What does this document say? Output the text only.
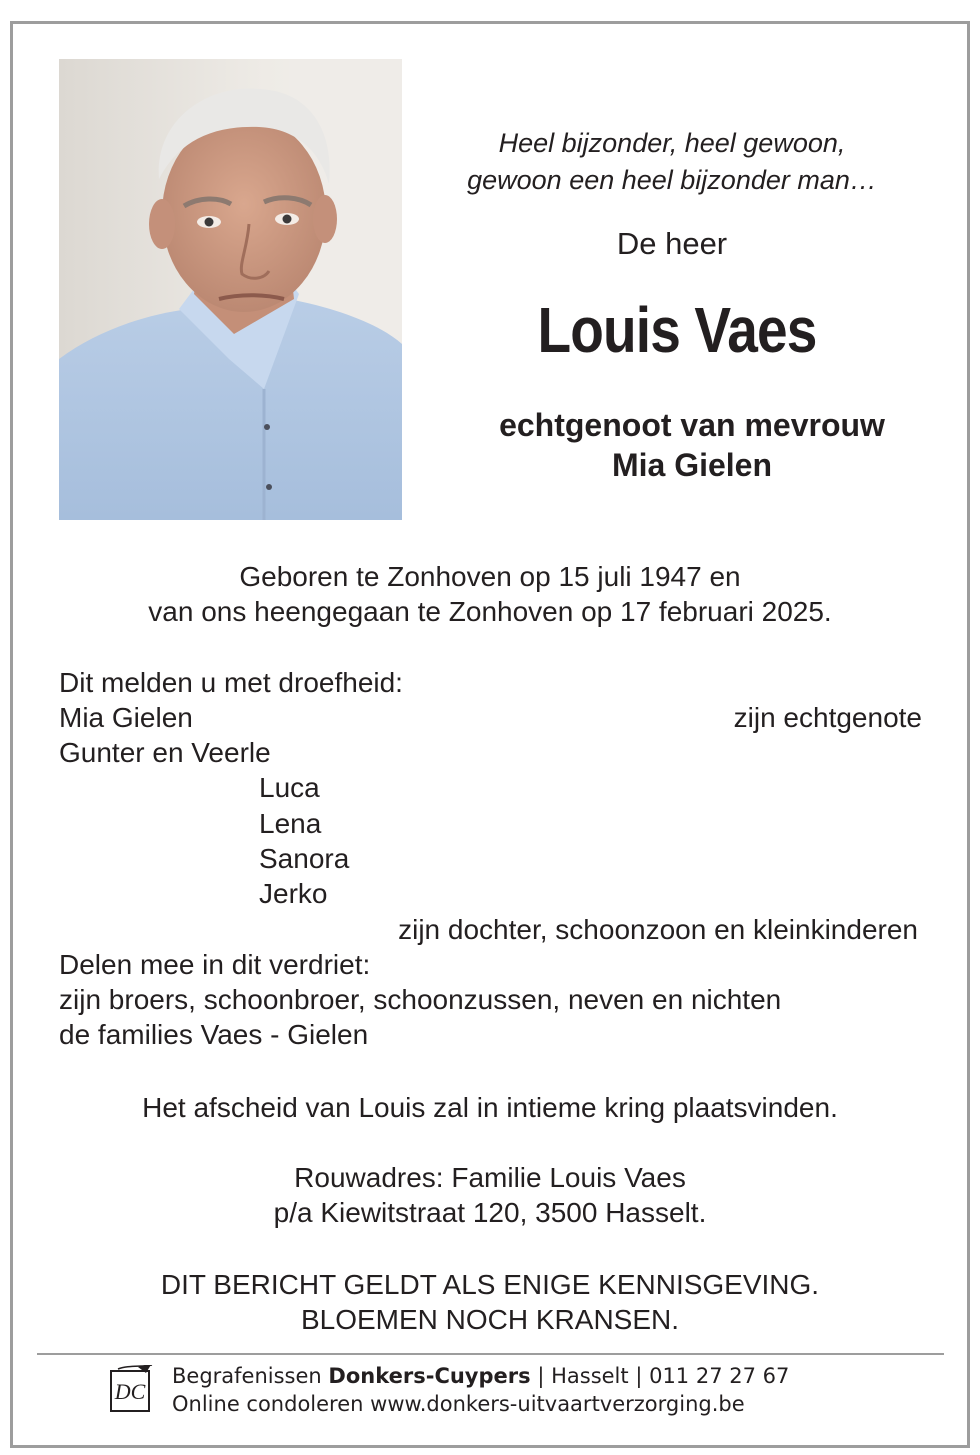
Heel bijzonder, heel gewoon,
gewoon een heel bijzonder man…
De heer
Louis Vaes
echtgenoot van mevrouw
Mia Gielen
Geboren te Zonhoven op 15 juli 1947 en
van ons heengegaan te Zonhoven op 17 februari 2025.
Dit melden u met droefheid:
Mia Gielen	zijn echtgenote
Gunter en Veerle
Luca
Lena
Sanora
Jerko
zijn dochter, schoonzoon en kleinkinderen
Delen mee in dit verdriet:
zijn broers, schoonbroer, schoonzussen, neven en nichten
de families Vaes - Gielen
Het afscheid van Louis zal in intieme kring plaatsvinden.
Rouwadres: Familie Louis Vaes
p/a Kiewitstraat 120, 3500 Hasselt.
DIT BERICHT GELDT ALS ENIGE KENNISGEVING.
BLOEMEN NOCH KRANSEN.
DC
Begrafenissen Donkers-Cuypers | Hasselt | 011 27 27 67
Online condoleren www.donkers-uitvaartverzorging.be
